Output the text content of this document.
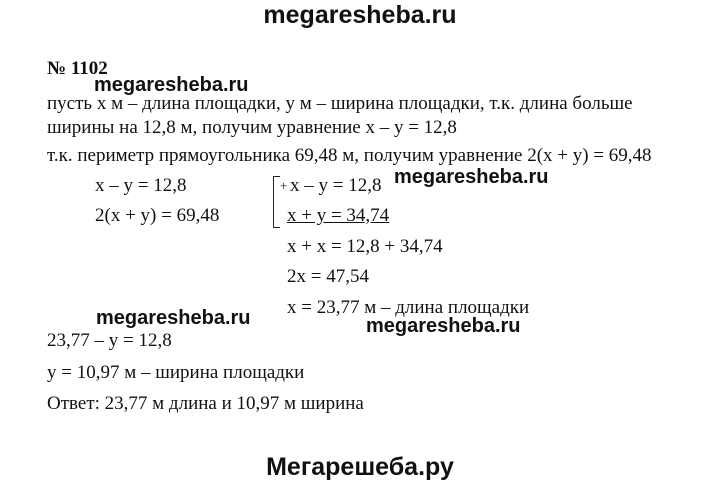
megaresheba.ru
№ 1102
megaresheba.ru
пусть x м – длина площадки, y м – ширина площадки, т.к. длина больше
ширины на 12,8 м, получим уравнение x – y = 12,8
т.к. периметр прямоугольника 69,48 м, получим уравнение 2(x + y) = 69,48
x – y = 12,8
2(x + y) = 69,48
+ x – y = 12,8
x + y = 34,74
megaresheba.ru
x + x = 12,8 + 34,74
2x = 47,54
x = 23,77 м – длина площадки
megaresheba.ru	megaresheba.ru
23,77 – y = 12,8
y = 10,97 м – ширина площадки
Ответ: 23,77 м длина и 10,97 м ширина
Мегарешеба.ру
